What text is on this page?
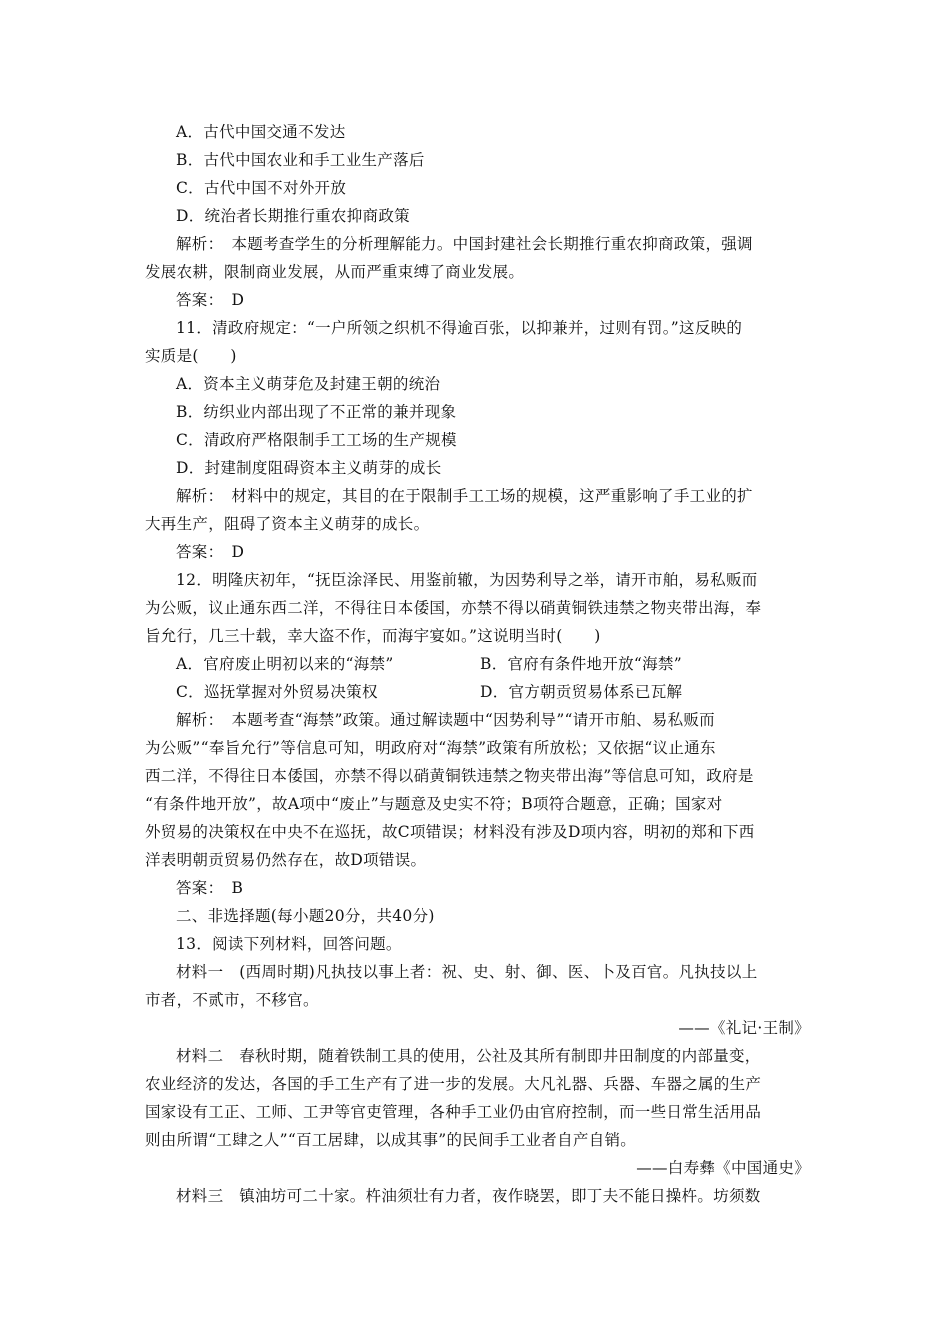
A．古代中国交通不发达
B．古代中国农业和手工业生产落后
C．古代中国不对外开放
D．统治者长期推行重农抑商政策
解析：　本题考查学生的分析理解能力。中国封建社会长期推行重农抑商政策，强调
发展农耕，限制商业发展，从而严重束缚了商业发展。
答案：　D
11．清政府规定：“一户所领之织机不得逾百张，以抑兼并，过则有罚。”这反映的
实质是(　　)
A．资本主义萌芽危及封建王朝的统治
B．纺织业内部出现了不正常的兼并现象
C．清政府严格限制手工工场的生产规模
D．封建制度阻碍资本主义萌芽的成长
解析：　材料中的规定，其目的在于限制手工工场的规模，这严重影响了手工业的扩
大再生产，阻碍了资本主义萌芽的成长。
答案：　D
12．明隆庆初年，“抚臣涂泽民、用鉴前辙，为因势利导之举，请开市舶，易私贩而
为公贩，议止通东西二洋，不得往日本倭国，亦禁不得以硝黄铜铁违禁之物夹带出海，奉
旨允行，几三十载，幸大盗不作，而海宇宴如。”这说明当时(　　)
A．官府废止明初以来的“海禁”	B．官府有条件地开放“海禁”
C．巡抚掌握对外贸易决策权	D．官方朝贡贸易体系已瓦解
解析：　本题考查“海禁”政策。通过解读题中“因势利导”“请开市舶、易私贩而
为公贩”“奉旨允行”等信息可知，明政府对“海禁”政策有所放松；又依据“议止通东
西二洋，不得往日本倭国，亦禁不得以硝黄铜铁违禁之物夹带出海”等信息可知，政府是
“有条件地开放”，故A项中“废止”与题意及史实不符；B项符合题意，正确；国家对
外贸易的决策权在中央不在巡抚，故C项错误；材料没有涉及D项内容，明初的郑和下西
洋表明朝贡贸易仍然存在，故D项错误。
答案：　B
二、非选择题(每小题20分，共40分)
13．阅读下列材料，回答问题。
材料一　(西周时期)凡执技以事上者：祝、史、射、御、医、卜及百官。凡执技以上
市者，不贰市，不移官。
——《礼记·王制》
材料二　春秋时期，随着铁制工具的使用，公社及其所有制即井田制度的内部量变，
农业经济的发达，各国的手工生产有了进一步的发展。大凡礼器、兵器、车器之属的生产
国家设有工正、工师、工尹等官吏管理，各种手工业仍由官府控制，而一些日常生活用品
则由所谓“工肆之人”“百工居肆，以成其事”的民间手工业者自产自销。
——白寿彝《中国通史》
材料三　镇油坊可二十家。杵油须壮有力者，夜作晓罢，即丁夫不能日操杵。坊须数
